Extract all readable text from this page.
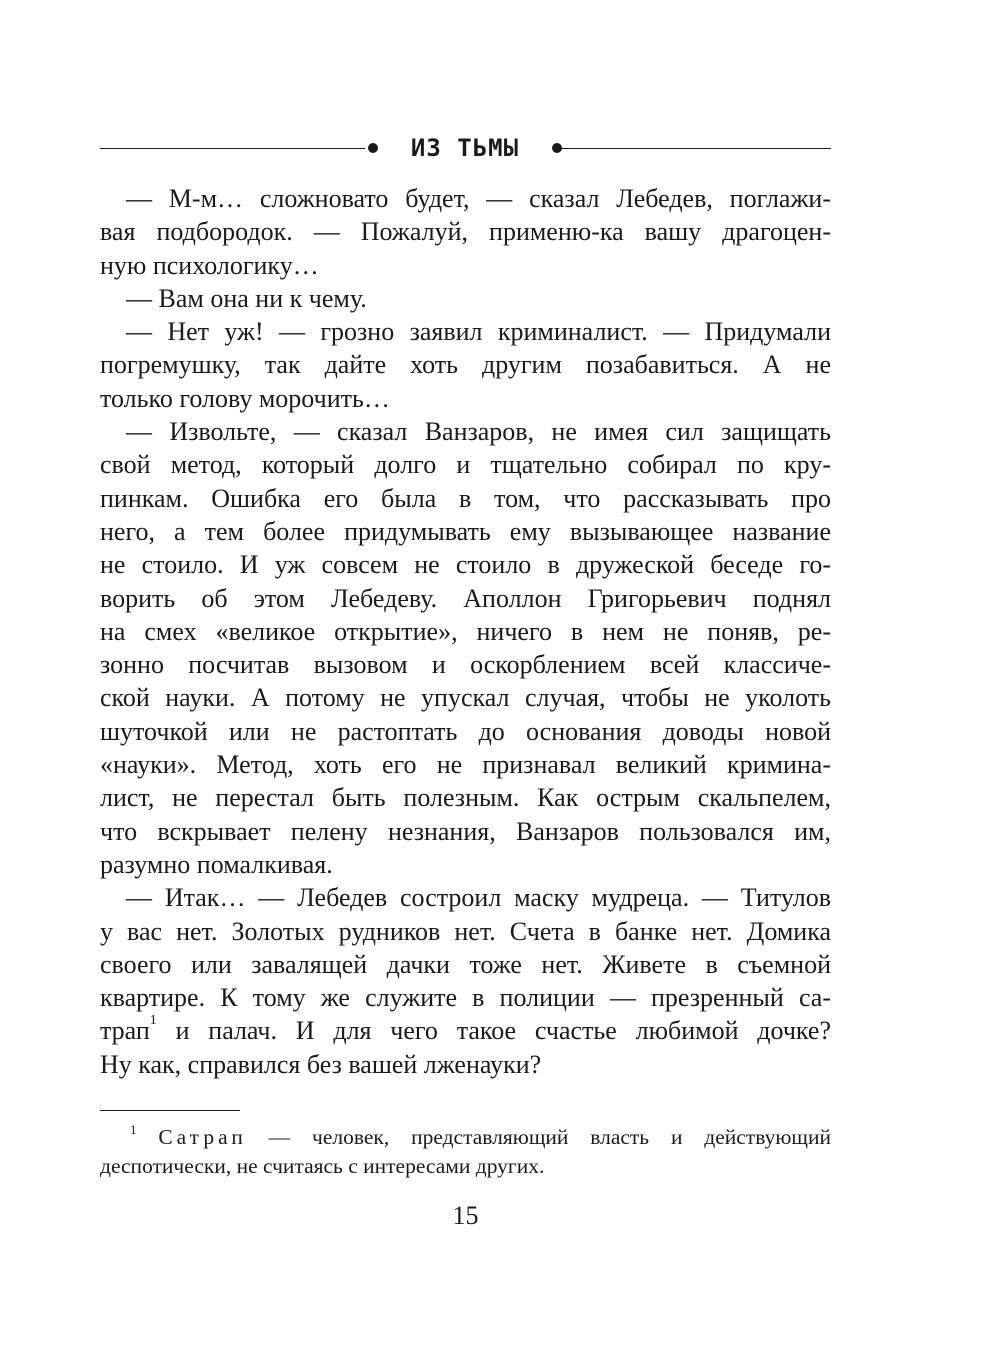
ИЗ ТЬМЫ
— М-м… сложновато будет, — сказал Лебедев, поглажи-
вая подбородок. — Пожалуй, применю-ка вашу драгоцен-
ную психологику…
— Вам она ни к чему.
— Нет уж! — грозно заявил криминалист. — Придумали
погремушку, так дайте хоть другим позабавиться. А не
только голову морочить…
— Извольте, — сказал Ванзаров, не имея сил защищать
свой метод, который долго и тщательно собирал по кру-
пинкам. Ошибка его была в том, что рассказывать про
него, а тем более придумывать ему вызывающее название
не стоило. И уж совсем не стоило в дружеской беседе го-
ворить об этом Лебедеву. Аполлон Григорьевич поднял
на смех «великое открытие», ничего в нем не поняв, ре-
зонно посчитав вызовом и оскорблением всей классиче-
ской науки. А потому не упускал случая, чтобы не уколоть
шуточкой или не растоптать до основания доводы новой
«науки». Метод, хоть его не признавал великий кримина-
лист, не перестал быть полезным. Как острым скальпелем,
что вскрывает пелену незнания, Ванзаров пользовался им,
разумно помалкивая.
— Итак… — Лебедев состроил маску мудреца. — Титулов
у вас нет. Золотых рудников нет. Счета в банке нет. Домика
своего или завалящей дачки тоже нет. Живете в съемной
квартире. К тому же служите в полиции — презренный са-
трап$^1$ и палач. И для чего такое счастье любимой дочке?
Ну как, справился без вашей лженауки?
$^1$ Сатрап — человек, представляющий власть и действующий
деспотически, не считаясь с интересами других.
15
